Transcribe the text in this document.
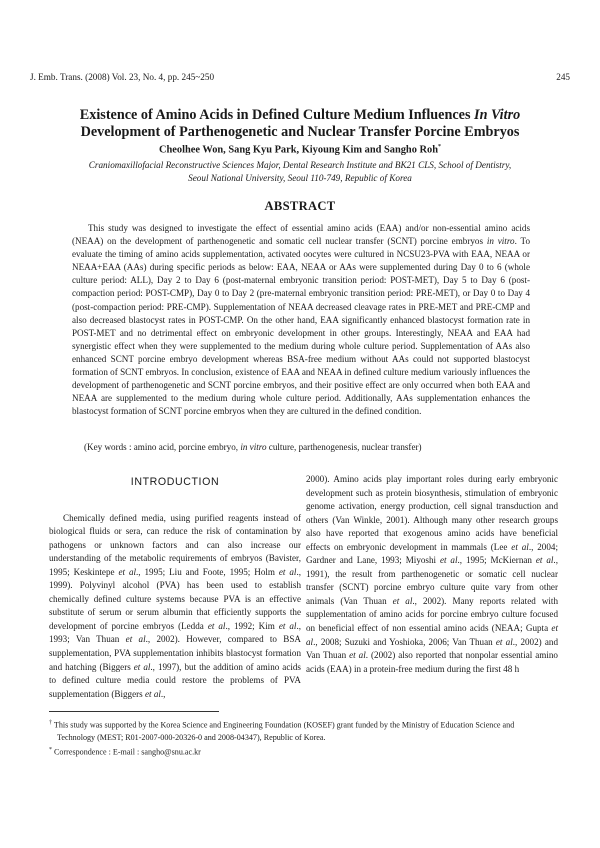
J. Emb. Trans. (2008) Vol. 23, No. 4, pp. 245~250	245
Existence of Amino Acids in Defined Culture Medium Influences In Vitro
Development of Parthenogenetic and Nuclear Transfer Porcine Embryos
Cheolhee Won, Sang Kyu Park, Kiyoung Kim and Sangho Roh*
Craniomaxillofacial Reconstructive Sciences Major, Dental Research Institute and BK21 CLS, School of Dentistry,
Seoul National University, Seoul 110-749, Republic of Korea
ABSTRACT

This study was designed to investigate the effect of essential amino acids (EAA) and/or non-essential amino acids (NEAA) on the development of parthenogenetic and somatic cell nuclear transfer (SCNT) porcine embryos in vitro. To evaluate the timing of amino acids supplementation, activated oocytes were cultured in NCSU23-PVA with EAA, NEAA or NEAA+EAA (AAs) during specific periods as below: EAA, NEAA or AAs were supplemented during Day 0 to 6 (whole culture period: ALL), Day 2 to Day 6 (post-maternal embryonic transition period: POST-MET), Day 5 to Day 6 (post-compaction period: POST-CMP), Day 0 to Day 2 (pre-maternal embryonic transition period: PRE-MET), or Day 0 to Day 4 (post-compaction period: PRE-CMP). Supplementation of NEAA decreased cleavage rates in PRE-MET and PRE-CMP and also decreased blastocyst rates in POST-CMP. On the other hand, EAA significantly enhanced blastocyst formation rate in POST-MET and no detrimental effect on embryonic development in other groups. Interestingly, NEAA and EAA had synergistic effect when they were supplemented to the medium during whole culture period. Supplementation of AAs also enhanced SCNT porcine embryo development whereas BSA-free medium without AAs could not supported blastocyst formation of SCNT embryos. In conclusion, existence of EAA and NEAA in defined culture medium variously influences the development of parthenogenetic and SCNT porcine embryos, and their positive effect are only occurred when both EAA and NEAA are supplemented to the medium during whole culture period. Additionally, AAs supplementation enhances the blastocyst formation of SCNT porcine embryos when they are cultured in the defined condition.

(Key words : amino acid, porcine embryo, in vitro culture, parthenogenesis, nuclear transfer)
INTRODUCTION

Chemically defined media, using purified reagents instead of biological fluids or sera, can reduce the risk of contamination by pathogens or unknown factors and can also increase our understanding of the metabolic requirements of embryos (Bavister, 1995; Keskintepe et al., 1995; Liu and Foote, 1995; Holm et al., 1999). Polyvinyl alcohol (PVA) has been used to establish chemically defined culture systems because PVA is an effective substitute of serum or serum albumin that efficiently supports the development of porcine embryos (Ledda et al., 1992; Kim et al., 1993; Van Thuan et al., 2002). However, compared to BSA supplementation, PVA supplementation inhibits blastocyst formation and hatching (Biggers et al., 1997), but the addition of amino acids to defined culture media could restore the problems of PVA supplementation (Biggers et al.,

2000). Amino acids play important roles during early embryonic development such as protein biosynthesis, stimulation of embryonic genome activation, energy production, cell signal transduction and others (Van Winkle, 2001). Although many other research groups also have reported that exogenous amino acids have beneficial effects on embryonic development in mammals (Lee et al., 2004; Gardner and Lane, 1993; Miyoshi et al., 1995; McKiernan et al., 1991), the result from parthenogenetic or somatic cell nuclear transfer (SCNT) porcine embryo culture quite vary from other animals (Van Thuan et al., 2002). Many reports related with supplementation of amino acids for porcine embryo culture focused on beneficial effect of non essential amino acids (NEAA; Gupta et al., 2008; Suzuki and Yoshioka, 2006; Van Thuan et al., 2002) and Van Thuan et al. (2002) also reported that nonpolar essential amino acids (EAA) in a protein-free medium during the first 48 h

† This study was supported by the Korea Science and Engineering Foundation (KOSEF) grant funded by the Ministry of Education Science and Technology (MEST; R01-2007-000-20326-0 and 2008-04347), Republic of Korea.

* Correspondence : E-mail : sangho@snu.ac.kr
